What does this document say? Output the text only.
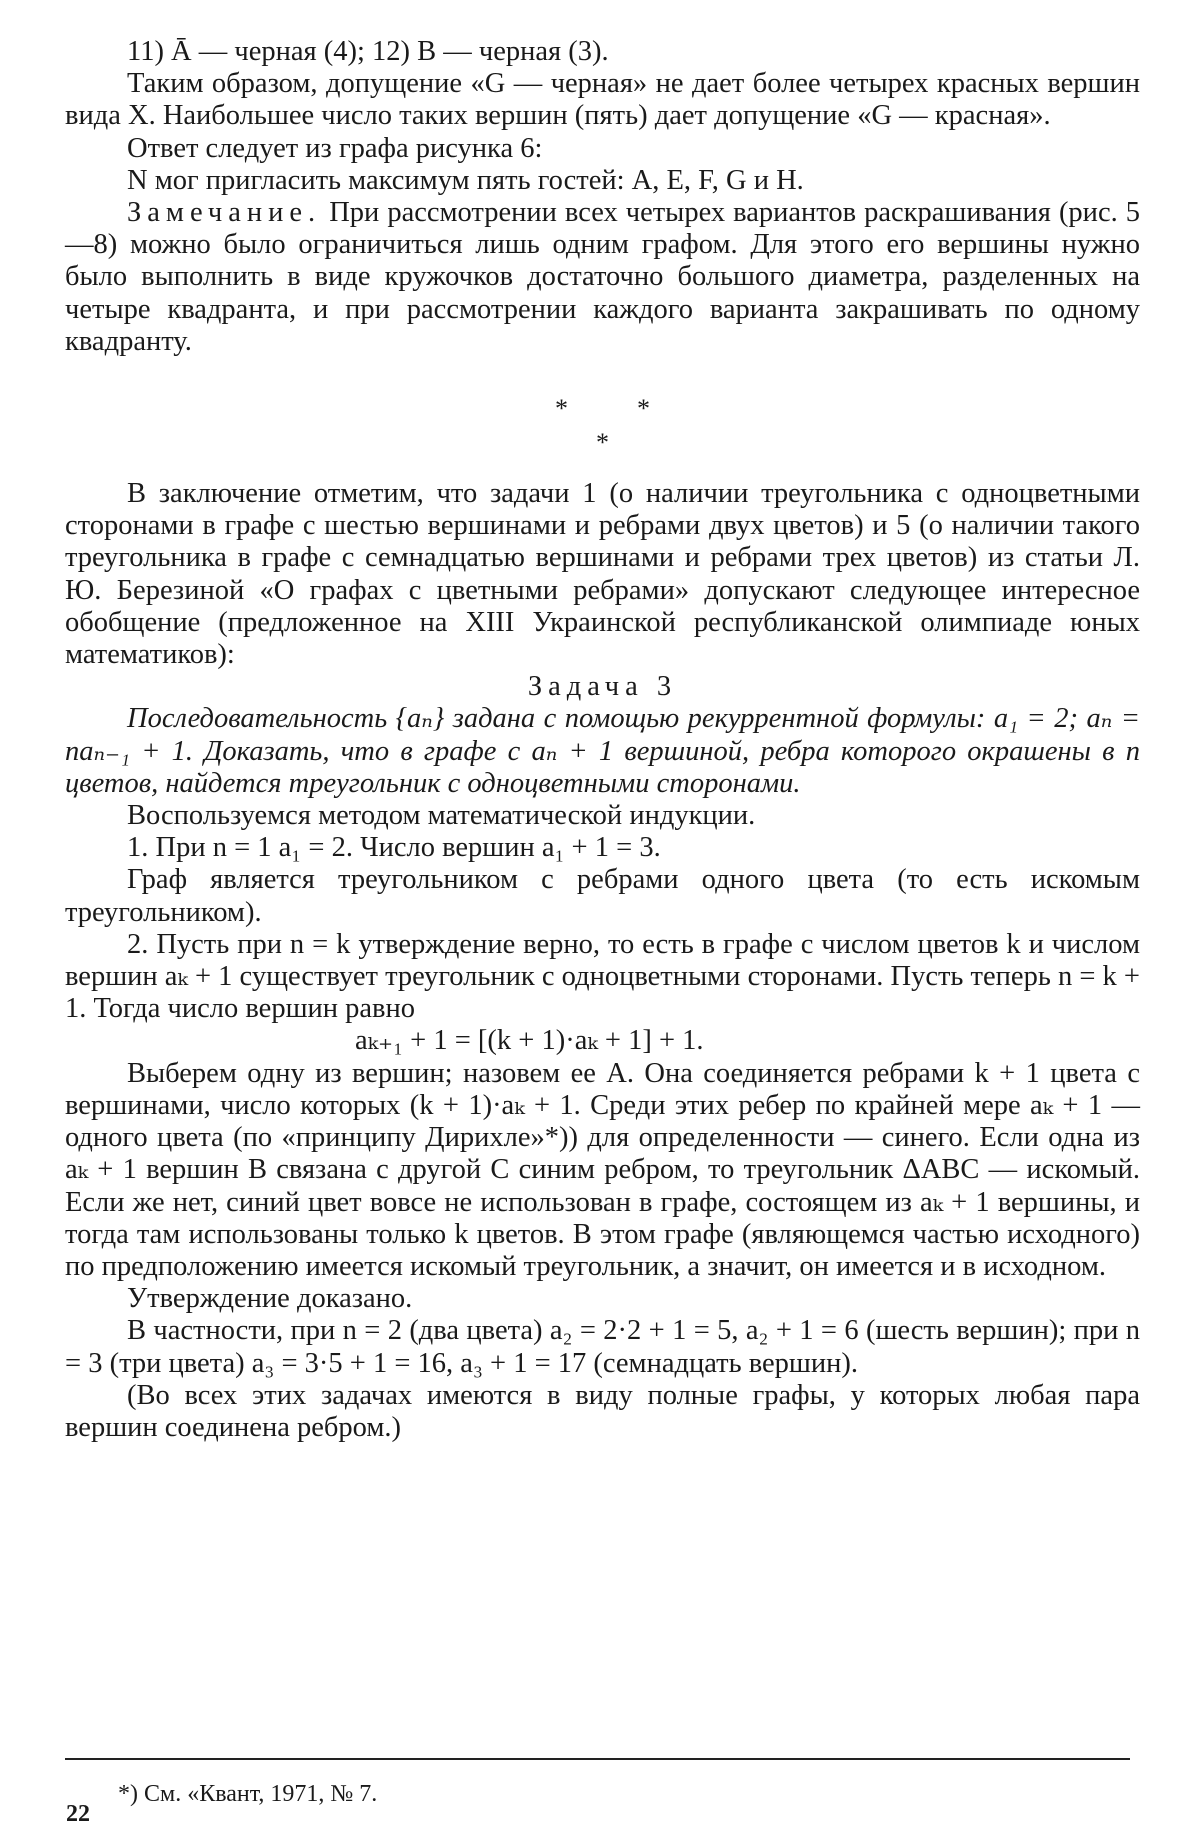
11) Ā — черная (4); 12) B — черная (3).

Таким образом, допущение «G — черная» не дает более четырех красных вершин вида X. Наибольшее число таких вершин (пять) дает допущение «G — красная».

Ответ следует из графа рисунка 6:

N мог пригласить максимум пять гостей: A, E, F, G и H.

Замечание. При рассмотрении всех четырех вариантов раскрашивания (рис. 5—8) можно было ограничиться лишь одним графом. Для этого его вершины нужно было выполнить в виде кружочков достаточно большого диаметра, разделенных на четыре квадранта, и при рассмотрении каждого варианта закрашивать по одному квадранту.

*	*
*

В заключение отметим, что задачи 1 (о наличии треугольника с одноцветными сторонами в графе с шестью вершинами и ребрами двух цветов) и 5 (о наличии такого треугольника в графе с семнадцатью вершинами и ребрами трех цветов) из статьи Л. Ю. Березиной «О графах с цветными ребрами» допускают следующее интересное обобщение (предложенное на XIII Украинской республиканской олимпиаде юных математиков):

Задача 3

Последовательность {aₙ} задана с помощью рекуррентной формулы: a₁ = 2; aₙ = naₙ₋₁ + 1. Доказать, что в графе с aₙ + 1 вершиной, ребра которого окрашены в n цветов, найдется треугольник с одноцветными сторонами.

Воспользуемся методом математической индукции.

1. При n = 1 a₁ = 2. Число вершин a₁ + 1 = 3.

Граф является треугольником с ребрами одного цвета (то есть искомым треугольником).

2. Пусть при n = k утверждение верно, то есть в графе с числом цветов k и числом вершин aₖ + 1 существует треугольник с одноцветными сторонами. Пусть теперь n = k + 1. Тогда число вершин равно

aₖ₊₁ + 1 = [(k + 1)·aₖ + 1] + 1.

Выберем одну из вершин; назовем ее A. Она соединяется ребрами k + 1 цвета с вершинами, число которых (k + 1)·aₖ + 1. Среди этих ребер по крайней мере aₖ + 1 — одного цвета (по «принципу Дирихле»*)) для определенности — синего. Если одна из aₖ + 1 вершин B связана с другой C синим ребром, то треугольник ΔABC — искомый. Если же нет, синий цвет вовсе не использован в графе, состоящем из aₖ + 1 вершины, и тогда там использованы только k цветов. В этом графе (являющемся частью исходного) по предположению имеется искомый треугольник, а значит, он имеется и в исходном.

Утверждение доказано.

В частности, при n = 2 (два цвета) a₂ = 2·2 + 1 = 5, a₂ + 1 = 6 (шесть вершин); при n = 3 (три цвета) a₃ = 3·5 + 1 = 16, a₃ + 1 = 17 (семнадцать вершин).

(Во всех этих задачах имеются в виду полные графы, у которых любая пара вершин соединена ребром.)

*) См. «Квант, 1971, № 7.
22
